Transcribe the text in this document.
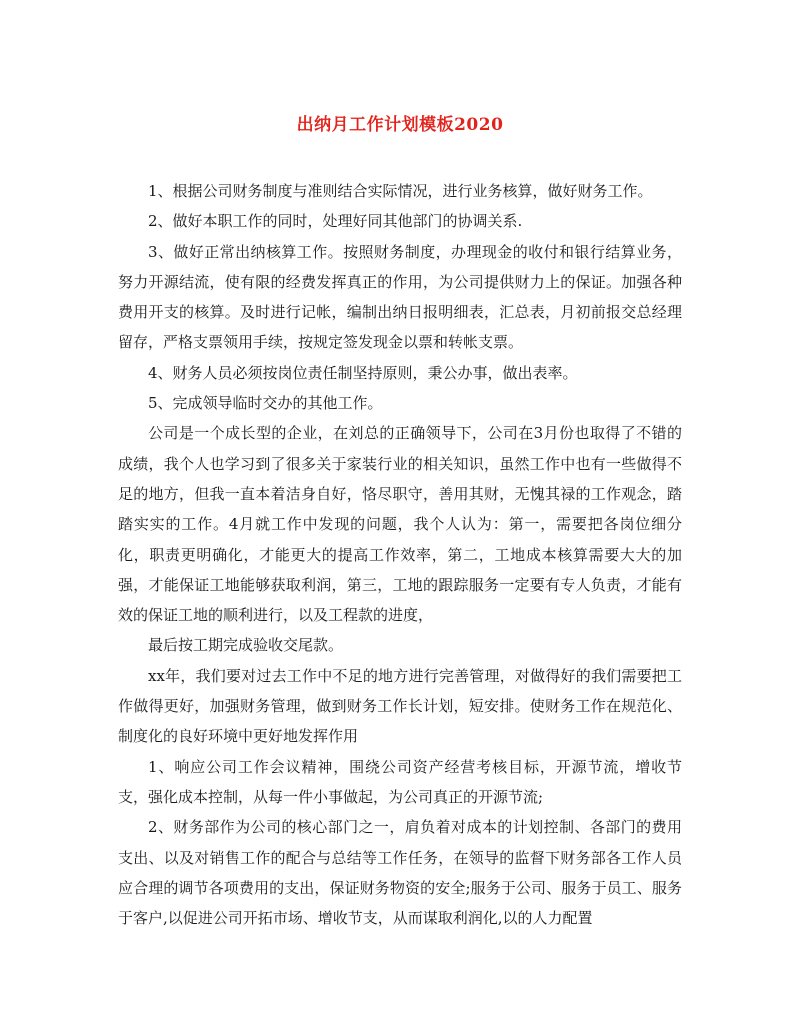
出纳月工作计划模板2020

1、根据公司财务制度与准则结合实际情况，进行业务核算，做好财务工作。

2、做好本职工作的同时，处理好同其他部门的协调关系.

3、做好正常出纳核算工作。按照财务制度，办理现金的收付和银行结算业务，努力开源结流，使有限的经费发挥真正的作用，为公司提供财力上的保证。加强各种费用开支的核算。及时进行记帐，编制出纳日报明细表，汇总表，月初前报交总经理留存，严格支票领用手续，按规定签发现金以票和转帐支票。

4、财务人员必须按岗位责任制坚持原则，秉公办事，做出表率。

5、完成领导临时交办的其他工作。

公司是一个成长型的企业，在刘总的正确领导下，公司在3月份也取得了不错的成绩，我个人也学习到了很多关于家装行业的相关知识，虽然工作中也有一些做得不足的地方，但我一直本着洁身自好，恪尽职守，善用其财，无愧其禄的工作观念，踏踏实实的工作。4月就工作中发现的问题，我个人认为：第一，需要把各岗位细分化，职责更明确化，才能更大的提高工作效率，第二，工地成本核算需要大大的加强，才能保证工地能够获取利润，第三，工地的跟踪服务一定要有专人负责，才能有效的保证工地的顺利进行，以及工程款的进度，

最后按工期完成验收交尾款。

xx年，我们要对过去工作中不足的地方进行完善管理，对做得好的我们需要把工作做得更好，加强财务管理，做到财务工作长计划，短安排。使财务工作在规范化、制度化的良好环境中更好地发挥作用

1、响应公司工作会议精神，围绕公司资产经营考核目标，开源节流，增收节支，强化成本控制，从每一件小事做起，为公司真正的开源节流;

2、财务部作为公司的核心部门之一，肩负着对成本的计划控制、各部门的费用支出、以及对销售工作的配合与总结等工作任务，在领导的监督下财务部各工作人员应合理的调节各项费用的支出，保证财务物资的安全;服务于公司、服务于员工、服务于客户,以促进公司开拓市场、增收节支，从而谋取利润化,以的人力配置
